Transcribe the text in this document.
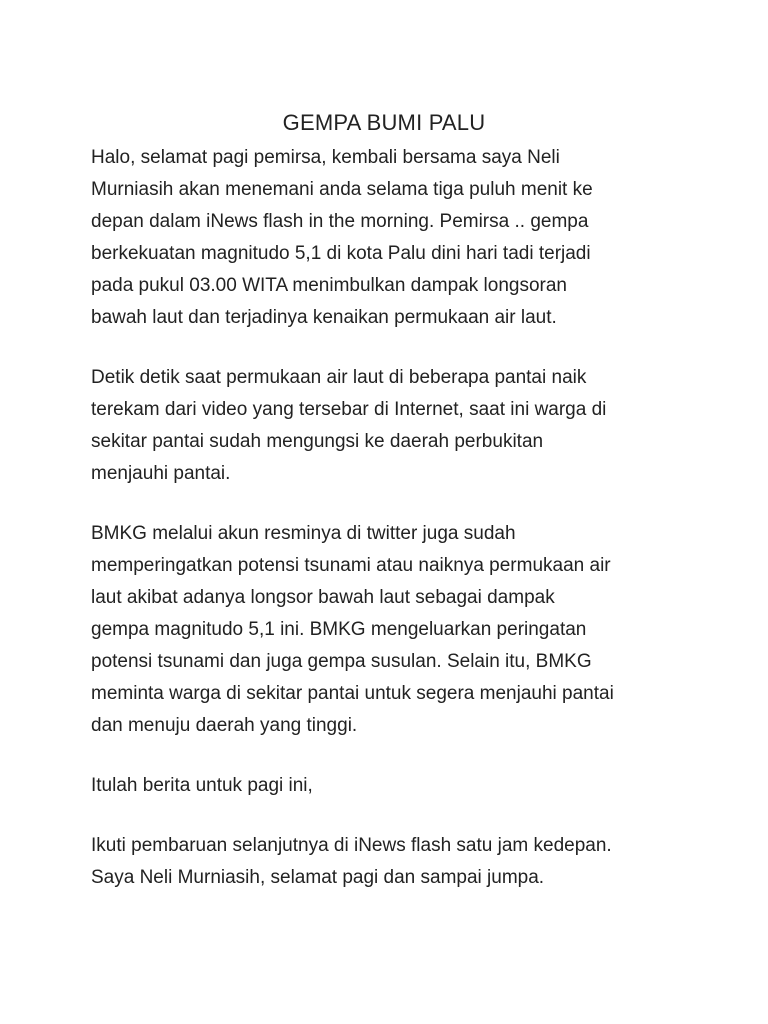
GEMPA BUMI PALU

Halo, selamat pagi pemirsa, kembali bersama saya Neli

Murniasih akan menemani anda selama tiga puluh menit ke

depan dalam iNews flash in the morning. Pemirsa .. gempa

berkekuatan magnitudo 5,1 di kota Palu dini hari tadi terjadi

pada pukul 03.00 WITA menimbulkan dampak longsoran

bawah laut dan terjadinya kenaikan permukaan air laut.

Detik detik saat permukaan air laut di beberapa pantai naik

terekam dari video yang tersebar di Internet, saat ini warga di

sekitar pantai sudah mengungsi ke daerah perbukitan

menjauhi pantai.

BMKG melalui akun resminya di twitter juga sudah

memperingatkan potensi tsunami atau naiknya permukaan air

laut akibat adanya longsor bawah laut sebagai dampak

gempa magnitudo 5,1 ini. BMKG mengeluarkan peringatan

potensi tsunami dan juga gempa susulan. Selain itu, BMKG

meminta warga di sekitar pantai untuk segera menjauhi pantai

dan menuju daerah yang tinggi.

Itulah berita untuk pagi ini,

Ikuti pembaruan selanjutnya di iNews flash satu jam kedepan.

Saya Neli Murniasih, selamat pagi dan sampai jumpa.
